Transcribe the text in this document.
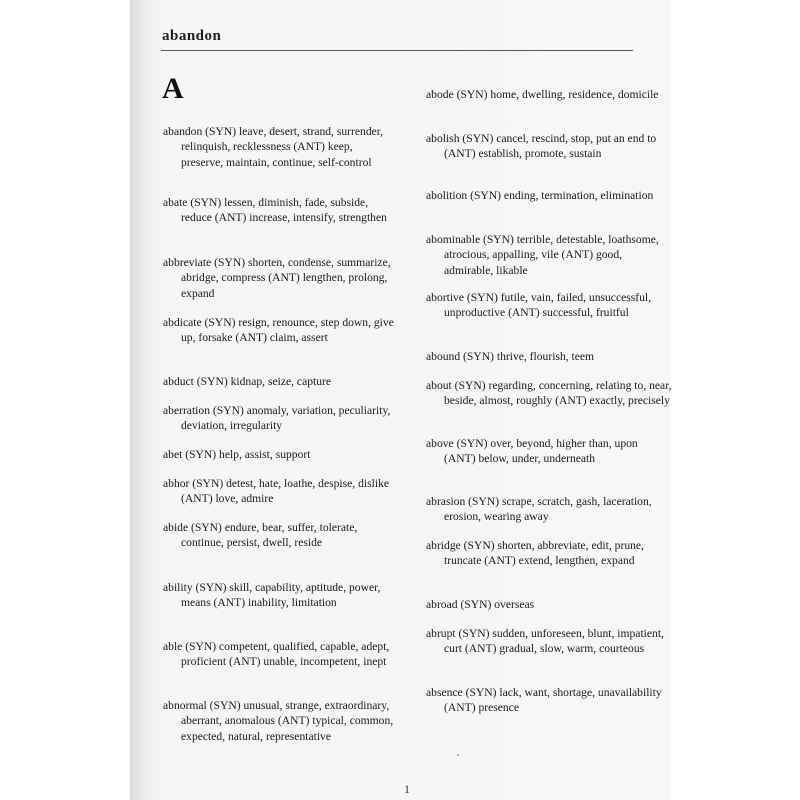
abandon
A
abandon (SYN) leave, desert, strand, surrender, relinquish, recklessness (ANT) keep, preserve, maintain, continue, self-control
abate (SYN) lessen, diminish, fade, subside, reduce (ANT) increase, intensify, strengthen
abbreviate (SYN) shorten, condense, summarize, abridge, compress (ANT) lengthen, prolong, expand
abdicate (SYN) resign, renounce, step down, give up, forsake (ANT) claim, assert
abduct (SYN) kidnap, seize, capture
aberration (SYN) anomaly, variation, peculiarity, deviation, irregularity
abet (SYN) help, assist, support
abhor (SYN) detest, hate, loathe, despise, dislike (ANT) love, admire
abide (SYN) endure, bear, suffer, tolerate, continue, persist, dwell, reside
ability (SYN) skill, capability, aptitude, power, means (ANT) inability, limitation
able (SYN) competent, qualified, capable, adept, proficient (ANT) unable, incompetent, inept
abnormal (SYN) unusual, strange, extraordinary, aberrant, anomalous (ANT) typical, common, expected, natural, representative
abode (SYN) home, dwelling, residence, domicile
abolish (SYN) cancel, rescind, stop, put an end to (ANT) establish, promote, sustain
abolition (SYN) ending, termination, elimination
abominable (SYN) terrible, detestable, loathsome, atrocious, appalling, vile (ANT) good, admirable, likable
abortive (SYN) futile, vain, failed, unsuccessful, unproductive (ANT) successful, fruitful
abound (SYN) thrive, flourish, teem
about (SYN) regarding, concerning, relating to, near, beside, almost, roughly (ANT) exactly, precisely
above (SYN) over, beyond, higher than, upon (ANT) below, under, underneath
abrasion (SYN) scrape, scratch, gash, laceration, erosion, wearing away
abridge (SYN) shorten, abbreviate, edit, prune, truncate (ANT) extend, lengthen, expand
abroad (SYN) overseas
abrupt (SYN) sudden, unforeseen, blunt, impatient, curt (ANT) gradual, slow, warm, courteous
absence (SYN) lack, want, shortage, unavailability (ANT) presence
1
